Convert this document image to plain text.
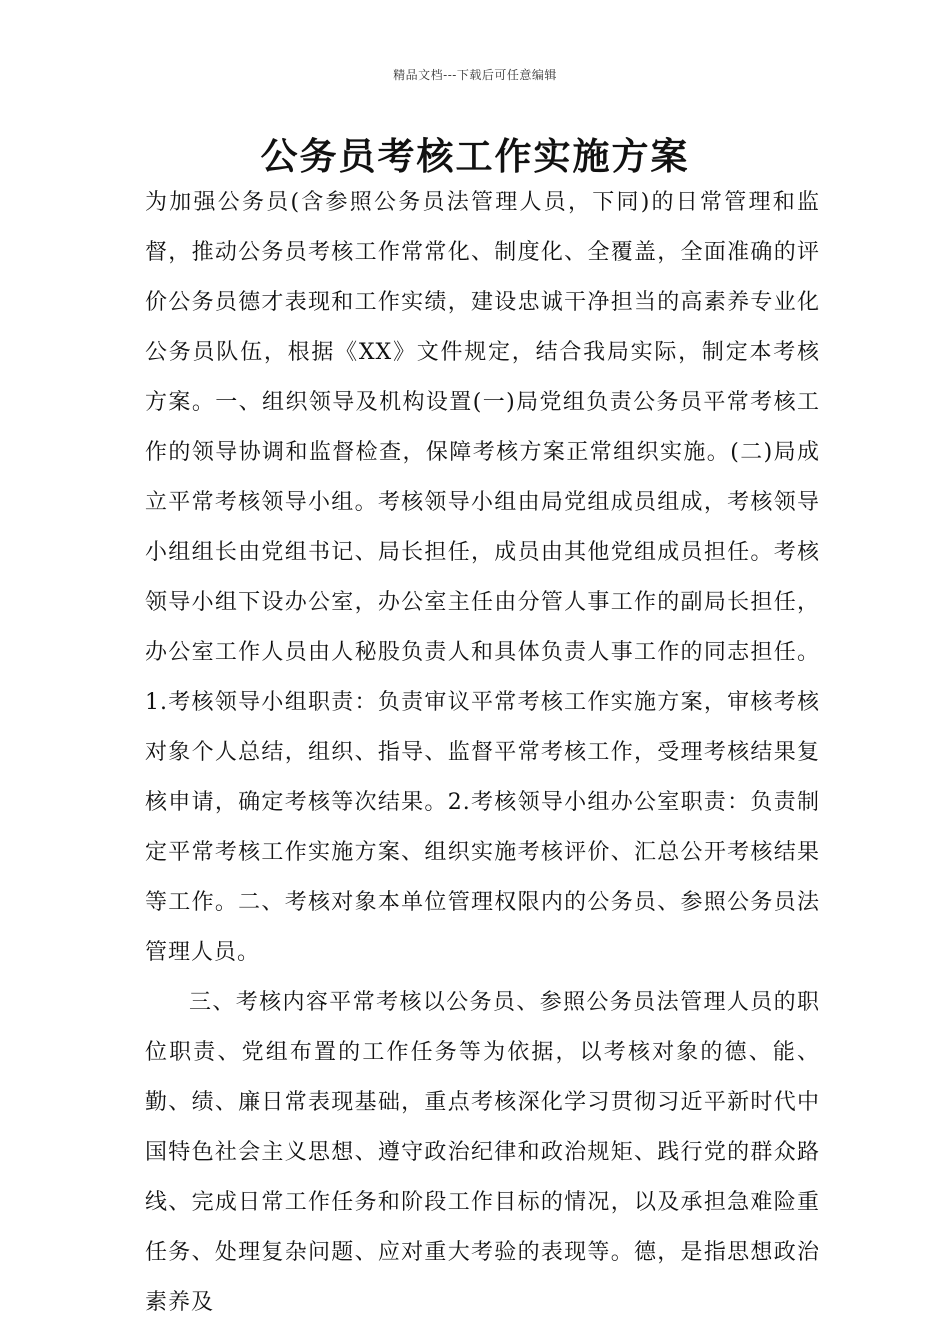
精品文档---下载后可任意编辑
公务员考核工作实施方案

为加强公务员(含参照公务员法管理人员，下同)的日常管理和监督，推动公务员考核工作常常化、制度化、全覆盖，全面准确的评价公务员德才表现和工作实绩，建设忠诚干净担当的高素养专业化公务员队伍，根据《XX》文件规定，结合我局实际，制定本考核方案。一、组织领导及机构设置(一)局党组负责公务员平常考核工作的领导协调和监督检查，保障考核方案正常组织实施。(二)局成立平常考核领导小组。考核领导小组由局党组成员组成，考核领导小组组长由党组书记、局长担任，成员由其他党组成员担任。考核领导小组下设办公室，办公室主任由分管人事工作的副局长担任，办公室工作人员由人秘股负责人和具体负责人事工作的同志担任。1.考核领导小组职责：负责审议平常考核工作实施方案，审核考核对象个人总结，组织、指导、监督平常考核工作，受理考核结果复核申请，确定考核等次结果。2.考核领导小组办公室职责：负责制定平常考核工作实施方案、组织实施考核评价、汇总公开考核结果等工作。二、考核对象本单位管理权限内的公务员、参照公务员法管理人员。

三、考核内容平常考核以公务员、参照公务员法管理人员的职位职责、党组布置的工作任务等为依据，以考核对象的德、能、勤、绩、廉日常表现基础，重点考核深化学习贯彻习近平新时代中国特色社会主义思想、遵守政治纪律和政治规矩、践行党的群众路线、完成日常工作任务和阶段工作目标的情况，以及承担急难险重任务、处理复杂问题、应对重大考验的表现等。德，是指思想政治素养及
